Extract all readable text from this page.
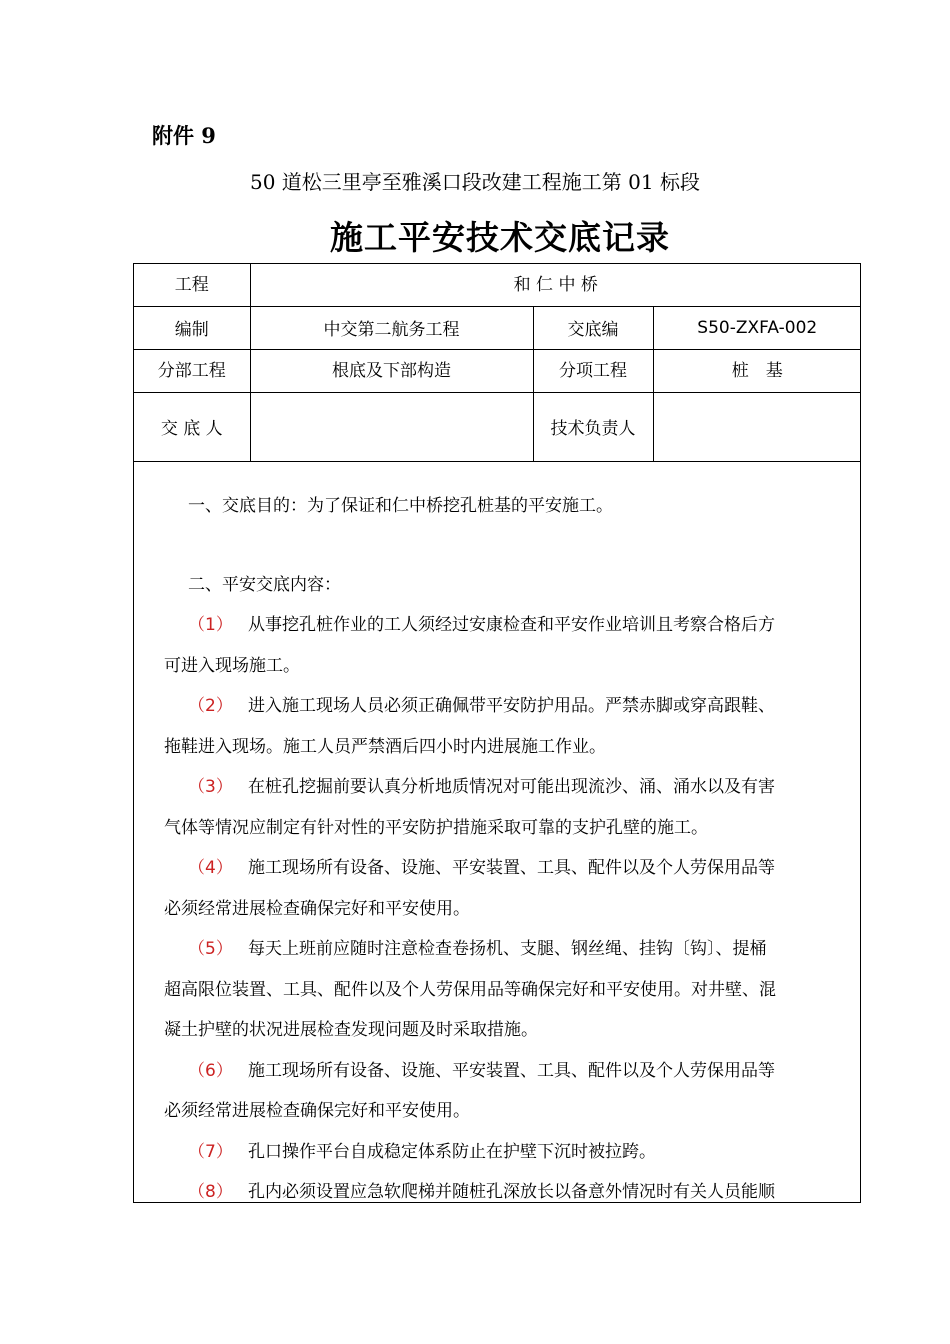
附件 9
50 道松三里亭至雅溪口段改建工程施工第 01 标段
施工平安技术交底记录
工程	和 仁 中 桥		
编制	中交第二航务工程	交底编	S50-ZXFA-002
分部工程	根底及下部构造	分项工程	桩　基
交 底 人		技术负责人	

一、交底目的：为了保证和仁中桥挖孔桩基的平安施工。

二、平安交底内容：

（1） 从事挖孔桩作业的工人须经过安康检查和平安作业培训且考察合格后方

可进入现场施工。

（2） 进入施工现场人员必须正确佩带平安防护用品。严禁赤脚或穿高跟鞋、

拖鞋进入现场。施工人员严禁酒后四小时内进展施工作业。

（3） 在桩孔挖掘前要认真分析地质情况对可能出现流沙、涌、涌水以及有害

气体等情况应制定有针对性的平安防护措施采取可靠的支护孔壁的施工。

（4） 施工现场所有设备、设施、平安装置、工具、配件以及个人劳保用品等

必须经常进展检查确保完好和平安使用。

（5） 每天上班前应随时注意检查卷扬机、支腿、钢丝绳、挂钩〔钩〕、提桶

超高限位装置、工具、配件以及个人劳保用品等确保完好和平安使用。对井壁、混

凝土护壁的状况进展检查发现问题及时采取措施。

（6） 施工现场所有设备、设施、平安装置、工具、配件以及个人劳保用品等

必须经常进展检查确保完好和平安使用。

（7） 孔口操作平台自成稳定体系防止在护壁下沉时被拉跨。

（8） 孔内必须设置应急软爬梯并随桩孔深放长以备意外情况时有关人员能顺
